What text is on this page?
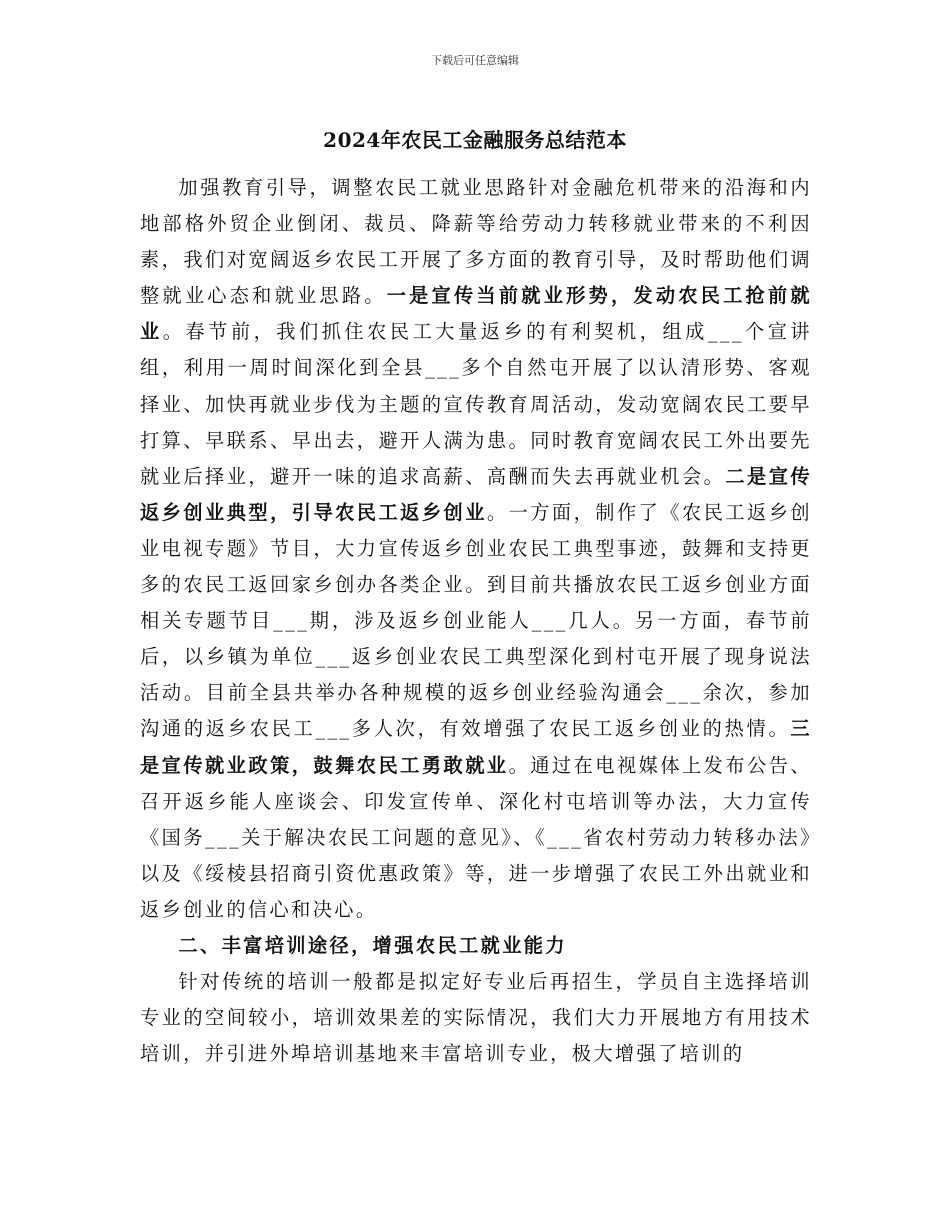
下载后可任意编辑
2024年农民工金融服务总结范本

加强教育引导，调整农民工就业思路针对金融危机带来的沿海和内地部格外贸企业倒闭、裁员、降薪等给劳动力转移就业带来的不利因素，我们对宽阔返乡农民工开展了多方面的教育引导，及时帮助他们调整就业心态和就业思路。一是宣传当前就业形势，发动农民工抢前就业。春节前，我们抓住农民工大量返乡的有利契机，组成___个宣讲组，利用一周时间深化到全县___多个自然屯开展了以认清形势、客观择业、加快再就业步伐为主题的宣传教育周活动，发动宽阔农民工要早打算、早联系、早出去，避开人满为患。同时教育宽阔农民工外出要先就业后择业，避开一味的追求高薪、高酬而失去再就业机会。二是宣传返乡创业典型，引导农民工返乡创业。一方面，制作了《农民工返乡创业电视专题》节目，大力宣传返乡创业农民工典型事迹，鼓舞和支持更多的农民工返回家乡创办各类企业。到目前共播放农民工返乡创业方面相关专题节目___期，涉及返乡创业能人___几人。另一方面，春节前后，以乡镇为单位___返乡创业农民工典型深化到村屯开展了现身说法活动。目前全县共举办各种规模的返乡创业经验沟通会___余次，参加沟通的返乡农民工___多人次，有效增强了农民工返乡创业的热情。三是宣传就业政策，鼓舞农民工勇敢就业。通过在电视媒体上发布公告、召开返乡能人座谈会、印发宣传单、深化村屯培训等办法，大力宣传《国务___关于解决农民工问题的意见》、《___省农村劳动力转移办法》以及《绥棱县招商引资优惠政策》等，进一步增强了农民工外出就业和返乡创业的信心和决心。

二、丰富培训途径，增强农民工就业能力

针对传统的培训一般都是拟定好专业后再招生，学员自主选择培训专业的空间较小，培训效果差的实际情况，我们大力开展地方有用技术培训，并引进外埠培训基地来丰富培训专业，极大增强了培训的
